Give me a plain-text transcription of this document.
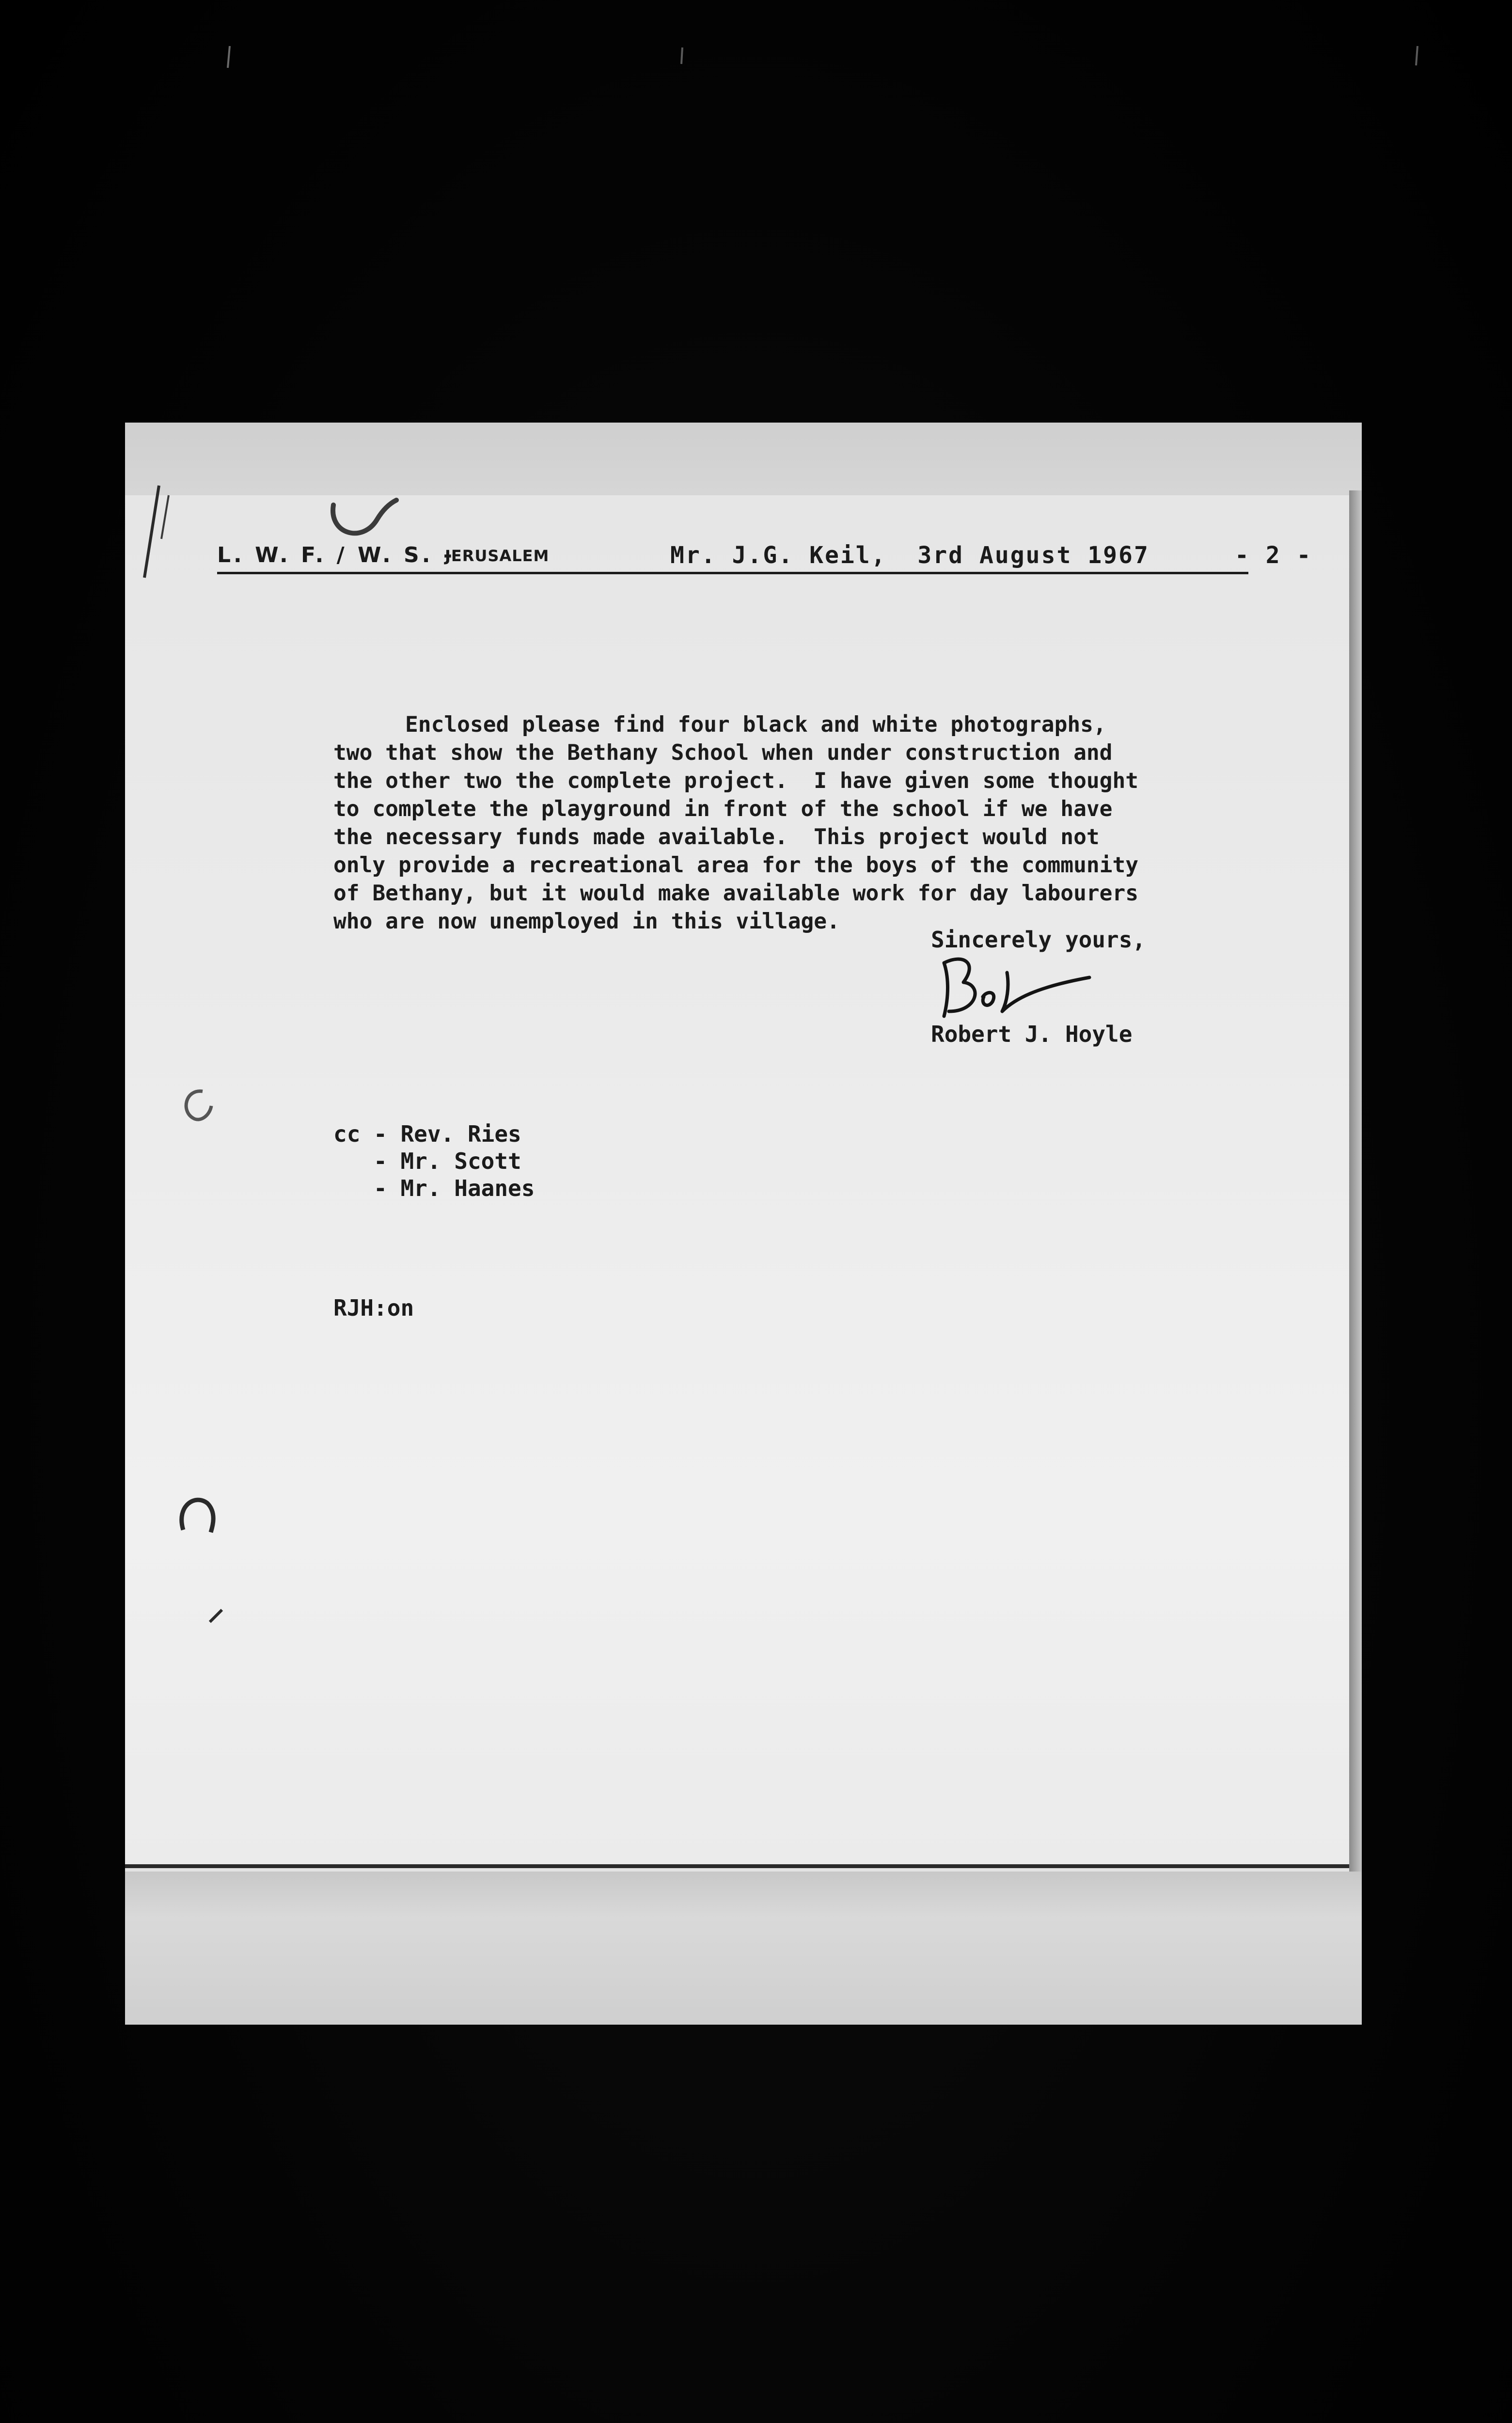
L. W. F. / W. S. -
JERUSALEM	Mr. J.G. Keil,  3rd August 1967	- 2 -
Enclosed please find four black and white photographs,
two that show the Bethany School when under construction and
the other two the complete project.  I have given some thought
to complete the playground in front of the school if we have
the necessary funds made available.  This project would not
only provide a recreational area for the boys of the community
of Bethany, but it would make available work for day labourers
who are now unemployed in this village.
Sincerely yours,
Robert J. Hoyle
cc - Rev. Ries
- Mr. Scott
- Mr. Haanes
RJH:on
